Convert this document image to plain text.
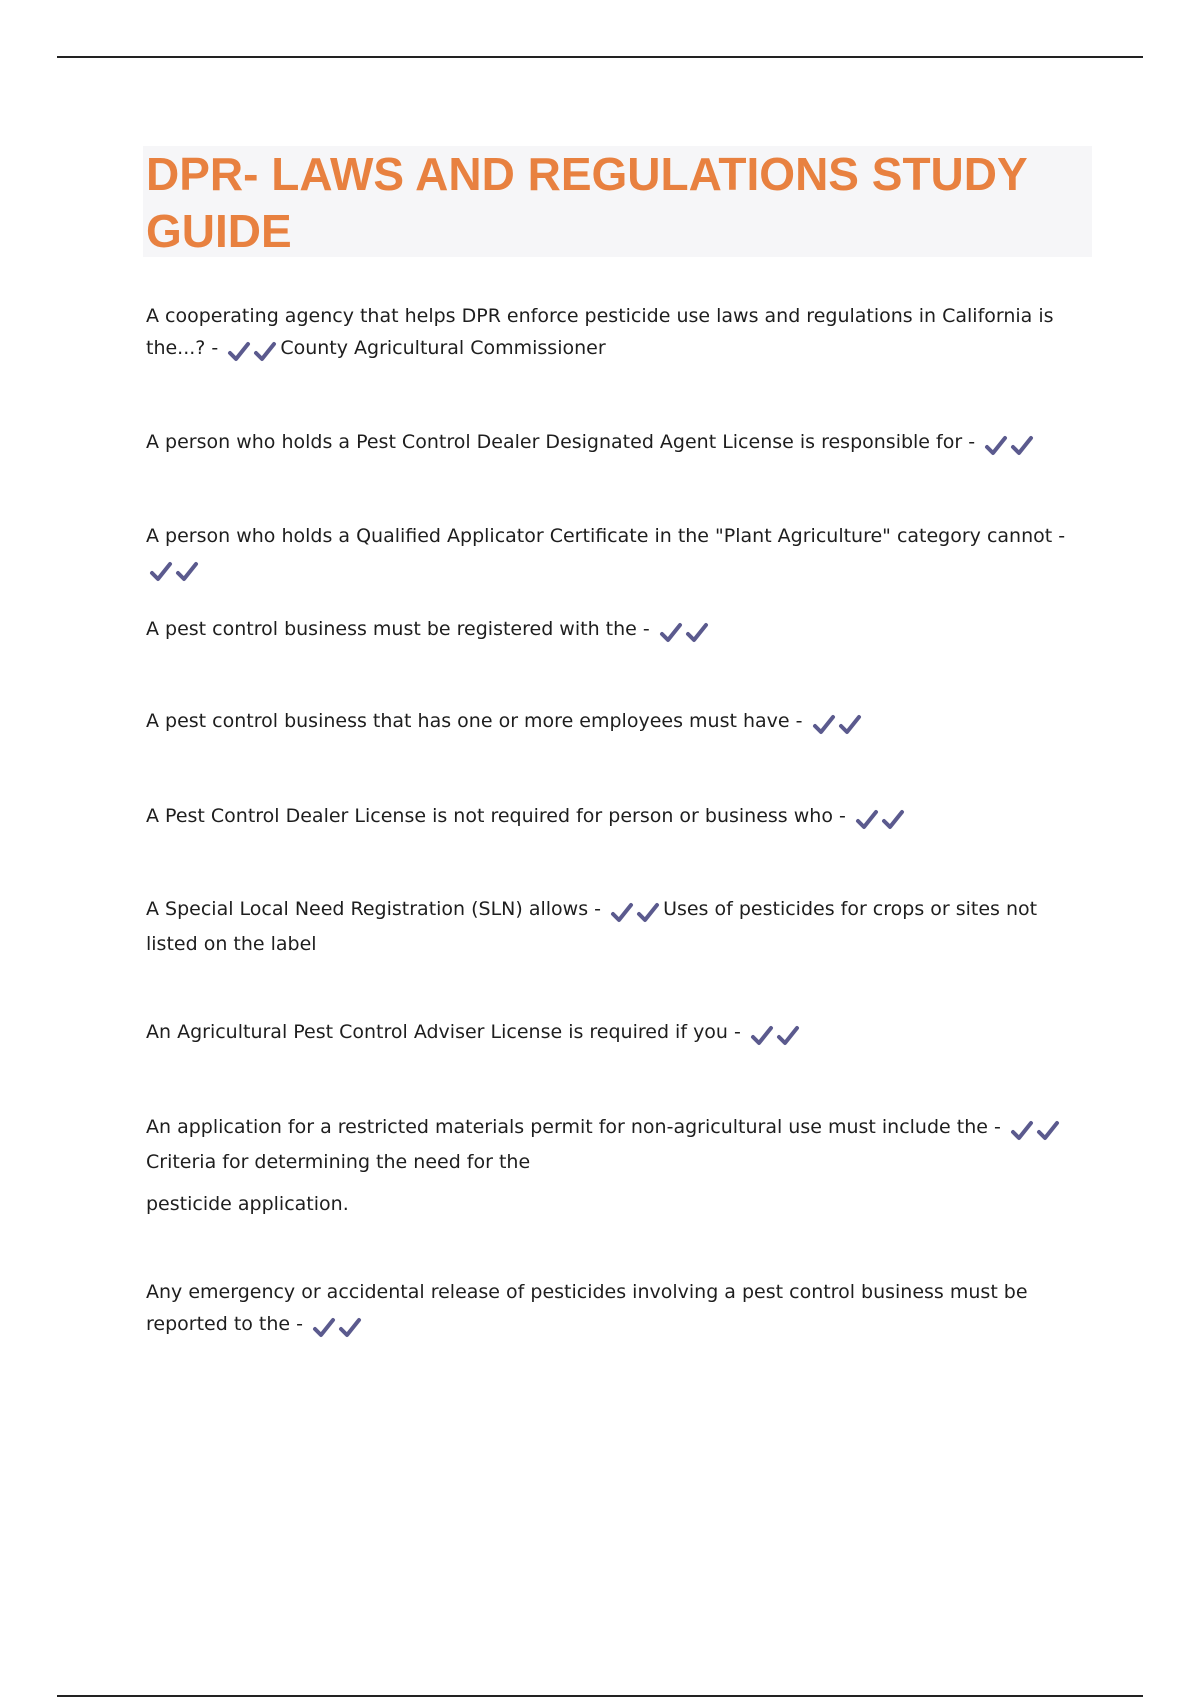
DPR- LAWS AND REGULATIONS STUDY GUIDE

A cooperating agency that helps DPR enforce pesticide use laws and regulations in California is the...? -	County Agricultural Commissioner

A person who holds a Pest Control Dealer Designated Agent License is responsible for -

A person who holds a Qualified Applicator Certificate in the "Plant Agriculture" category cannot -

A pest control business must be registered with the -

A pest control business that has one or more employees must have -

A Pest Control Dealer License is not required for person or business who -

A Special Local Need Registration (SLN) allows -	Uses of pesticides for crops or sites not listed on the label

An Agricultural Pest Control Adviser License is required if you -

An application for a restricted materials permit for non-agricultural use must include the -
Criteria for determining the need for the

pesticide application.

Any emergency or accidental release of pesticides involving a pest control business must be reported to the -
